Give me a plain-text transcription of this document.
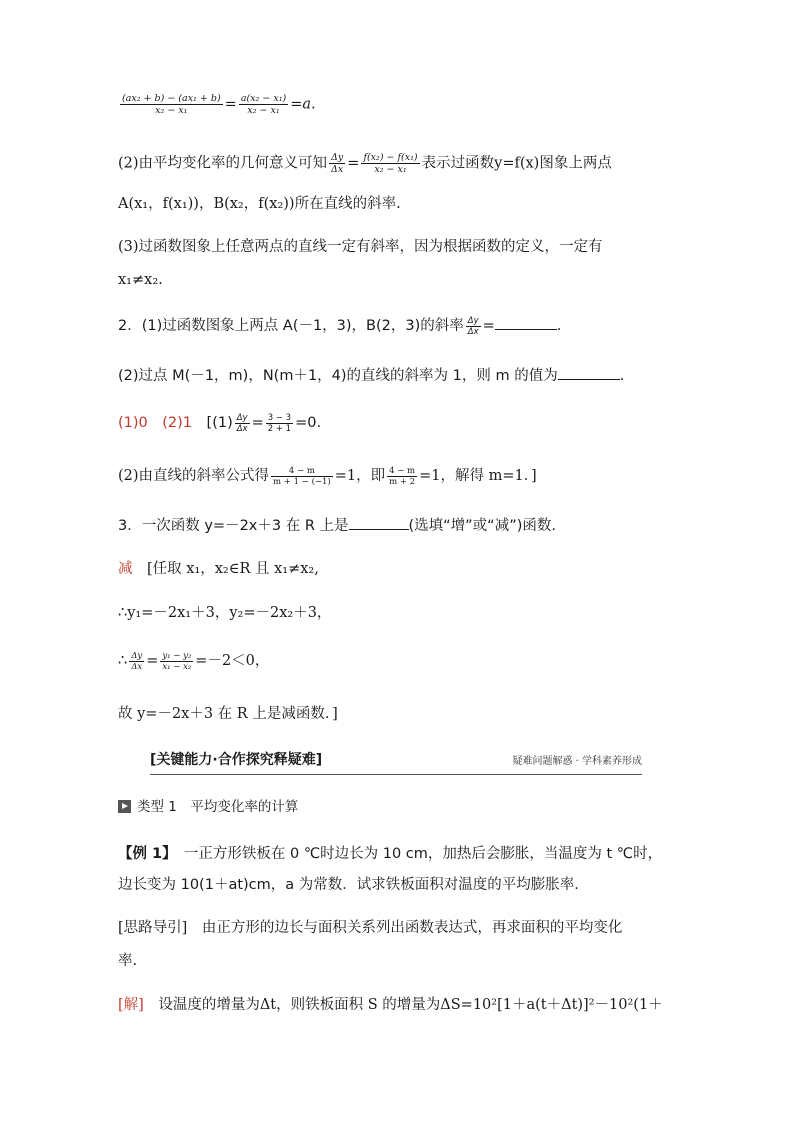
$\frac{\text{(ax₂ + b) − (ax₁ + b)}}{\text{x₂ − x₁}} = \frac{\text{a(x₂ − x₁)}}{\text{x₂ − x₁}} =a$.
(2)由平均变化率的几何意义可知 $\frac{\Delta y}{\Delta x} = \frac{\text{f(x₂) − f(x₁)}}{\text{x₂ − x₁}}$ 表示过函数y=f(x)图象上两点
A(x₁，f(x₁))，B(x₂，f(x₂))所在直线的斜率.
(3)过函数图象上任意两点的直线一定有斜率，因为根据函数的定义，一定有
x₁≠x₂.
2．(1)过函数图象上两点 A(－1，3)，B(2，3)的斜率 $\frac{\Delta y}{\Delta x}$ =	.
(2)过点 M(－1，m)，N(m＋1，4)的直线的斜率为 1，则 m 的值为	.
(1)0　(2)1　 [$(1) \frac{\Delta y}{\Delta x} = \frac{3 - 3}{2 + 1} =0$.
(2)由直线的斜率公式得 $\frac{4 - m}{m + 1 - (-1)} =1$，即 $\frac{4 - m}{m + 2} =1$，解得 m=1．]
3．一次函数 y=－2x＋3 在 R 上是	(选填“增”或“减”)函数.
减　 [任取 x₁，x₂∈R 且 x₁≠x₂,
∴y₁=－2x₁＋3，y₂=－2x₂＋3，
∴ $\frac{\Delta y}{\Delta x} = \frac{\text{y₁ − y₂}}{\text{x₁ − x₂}} =-2<0$，
故 y=－2x＋3 在 R 上是减函数．]
[关键能力·合作探究释疑难]	疑难问题解惑 · 学科素养形成
类型 1　平均变化率的计算
【例 1】　一正方形铁板在 0 ℃时边长为 10 cm，加热后会膨胀，当温度为 t ℃时，
边长变为 10(1＋at)cm，a 为常数．试求铁板面积对温度的平均膨胀率.
[思路导引]　由正方形的边长与面积关系列出函数表达式，再求面积的平均变化
率.
[解]　设温度的增量为Δt，则铁板面积 S 的增量为ΔS=10²[1＋a(t＋Δt)]²－10²(1＋
